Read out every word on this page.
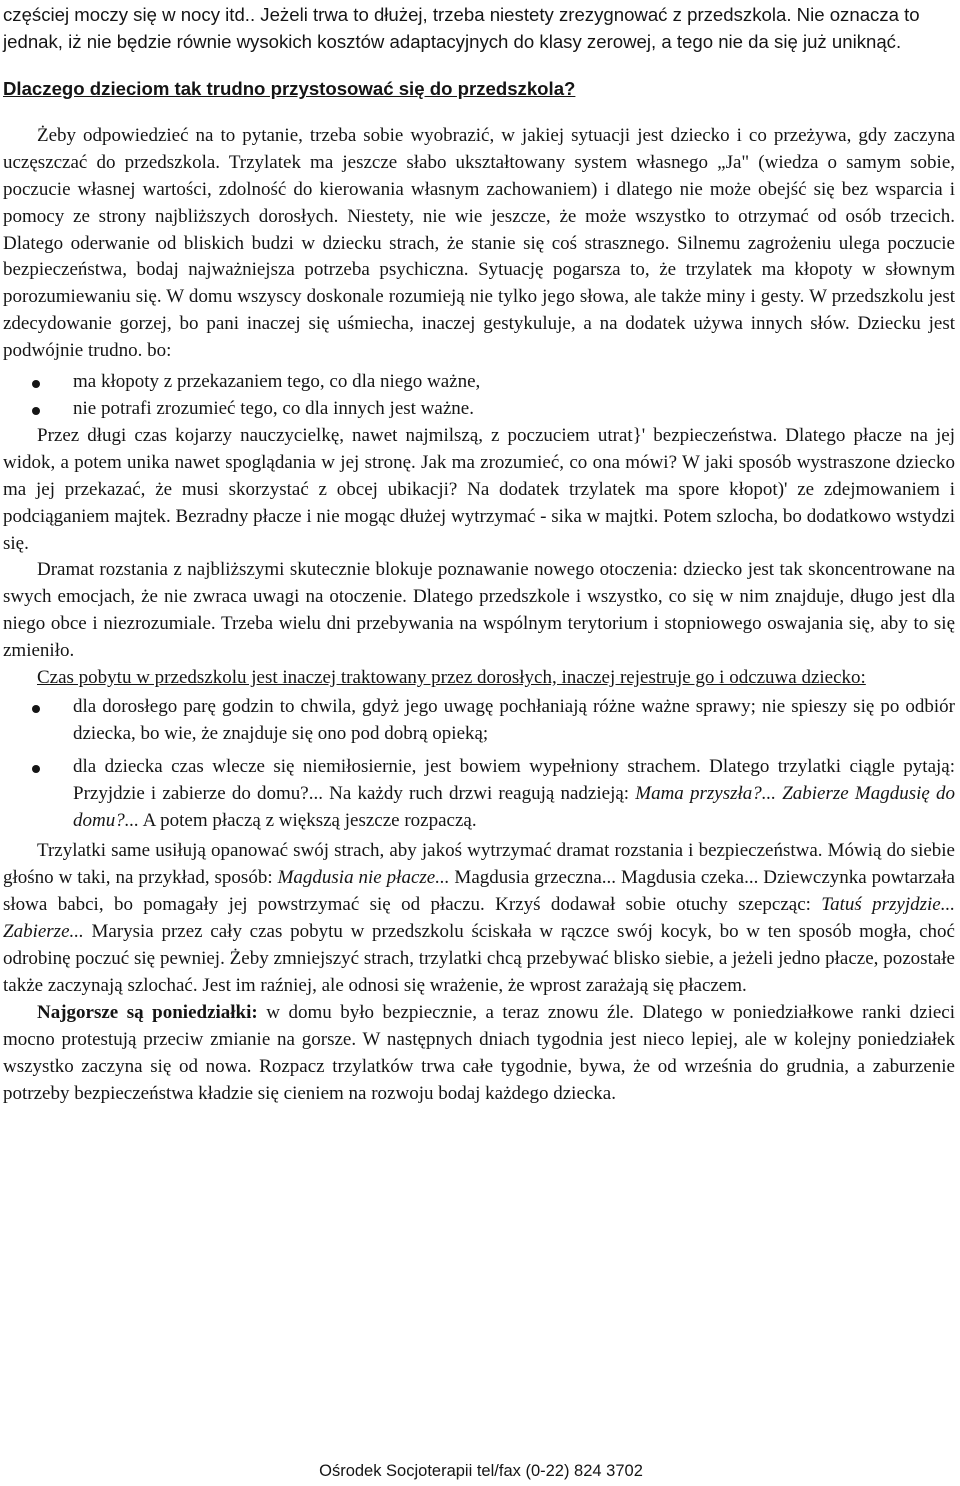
częściej moczy się w nocy itd.. Jeżeli trwa to dłużej, trzeba niestety zrezygnować z przedszkola. Nie oznacza to jednak, iż nie będzie równie wysokich kosztów adaptacyjnych do klasy zerowej, a tego nie da się już uniknąć.

Dlaczego dzieciom tak trudno przystosować się do przedszkola?

Żeby odpowiedzieć na to pytanie, trzeba sobie wyobrazić, w jakiej sytuacji jest dziecko i co przeżywa, gdy zaczyna uczęszczać do przedszkola. Trzylatek ma jeszcze słabo ukształtowany system własnego „Ja" (wiedza o samym sobie, poczucie własnej wartości, zdolność do kierowania własnym zachowaniem) i dlatego nie może obejść się bez wsparcia i pomocy ze strony najbliższych dorosłych. Niestety, nie wie jeszcze, że może wszystko to otrzymać od osób trzecich. Dlatego oderwanie od bliskich budzi w dziecku strach, że stanie się coś strasznego. Silnemu zagrożeniu ulega poczucie bezpieczeństwa, bodaj najważniejsza potrzeba psychiczna. Sytuację pogarsza to, że trzylatek ma kłopoty w słownym porozumiewaniu się. W domu wszyscy doskonale rozumieją nie tylko jego słowa, ale także miny i gesty. W przedszkolu jest zdecydowanie gorzej, bo pani inaczej się uśmiecha, inaczej gestykuluje, a na dodatek używa innych słów. Dziecku jest podwójnie trudno. bo:

ma kłopoty z przekazaniem tego, co dla niego ważne,
nie potrafi zrozumieć tego, co dla innych jest ważne.

Przez długi czas kojarzy nauczycielkę, nawet najmilszą, z poczuciem utrat}' bezpieczeństwa. Dlatego płacze na jej widok, a potem unika nawet spoglądania w jej stronę. Jak ma zrozumieć, co ona mówi? W jaki sposób wystraszone dziecko ma jej przekazać, że musi skorzystać z obcej ubikacji? Na dodatek trzylatek ma spore kłopot)' ze zdejmowaniem i podciąganiem majtek. Bezradny płacze i nie mogąc dłużej wytrzymać - sika w majtki. Potem szlocha, bo dodatkowo wstydzi się.

Dramat rozstania z najbliższymi skutecznie blokuje poznawanie nowego otoczenia: dziecko jest tak skoncentrowane na swych emocjach, że nie zwraca uwagi na otoczenie. Dlatego przedszkole i wszystko, co się w nim znajduje, długo jest dla niego obce i niezrozumiale. Trzeba wielu dni przebywania na wspólnym terytorium i stopniowego oswajania się, aby to się zmieniło.

Czas pobytu w przedszkolu jest inaczej traktowany przez dorosłych, inaczej rejestruje go i odczuwa dziecko:

dla dorosłego parę godzin to chwila, gdyż jego uwagę pochłaniają różne ważne sprawy; nie spieszy się po odbiór dziecka, bo wie, że znajduje się ono pod dobrą opieką;
dla dziecka czas wlecze się niemiłosiernie, jest bowiem wypełniony strachem. Dlatego trzylatki ciągle pytają: Przyjdzie i zabierze do domu?... Na każdy ruch drzwi reagują nadzieją: Mama przyszła?... Zabierze Magdusię do domu?... A potem płaczą z większą jeszcze rozpaczą.

Trzylatki same usiłują opanować swój strach, aby jakoś wytrzymać dramat rozstania i bezpieczeństwa. Mówią do siebie głośno w taki, na przykład, sposób: Magdusia nie płacze... Magdusia grzeczna... Magdusia czeka... Dziewczynka powtarzała słowa babci, bo pomagały jej powstrzymać się od płaczu. Krzyś dodawał sobie otuchy szepcząc: Tatuś przyjdzie... Zabierze... Marysia przez cały czas pobytu w przedszkolu ściskała w rączce swój kocyk, bo w ten sposób mogła, choć odrobinę poczuć się pewniej. Żeby zmniejszyć strach, trzylatki chcą przebywać blisko siebie, a jeżeli jedno płacze, pozostałe także zaczynają szlochać. Jest im raźniej, ale odnosi się wrażenie, że wprost zarażają się płaczem.

Najgorsze są poniedziałki: w domu było bezpiecznie, a teraz znowu źle. Dlatego w poniedziałkowe ranki dzieci mocno protestują przeciw zmianie na gorsze. W następnych dniach tygodnia jest nieco lepiej, ale w kolejny poniedziałek wszystko zaczyna się od nowa. Rozpacz trzylatków trwa całe tygodnie, bywa, że od września do grudnia, a zaburzenie potrzeby bezpieczeństwa kładzie się cieniem na rozwoju bodaj każdego dziecka.

Ośrodek Socjoterapii tel/fax (0-22) 824 3702
